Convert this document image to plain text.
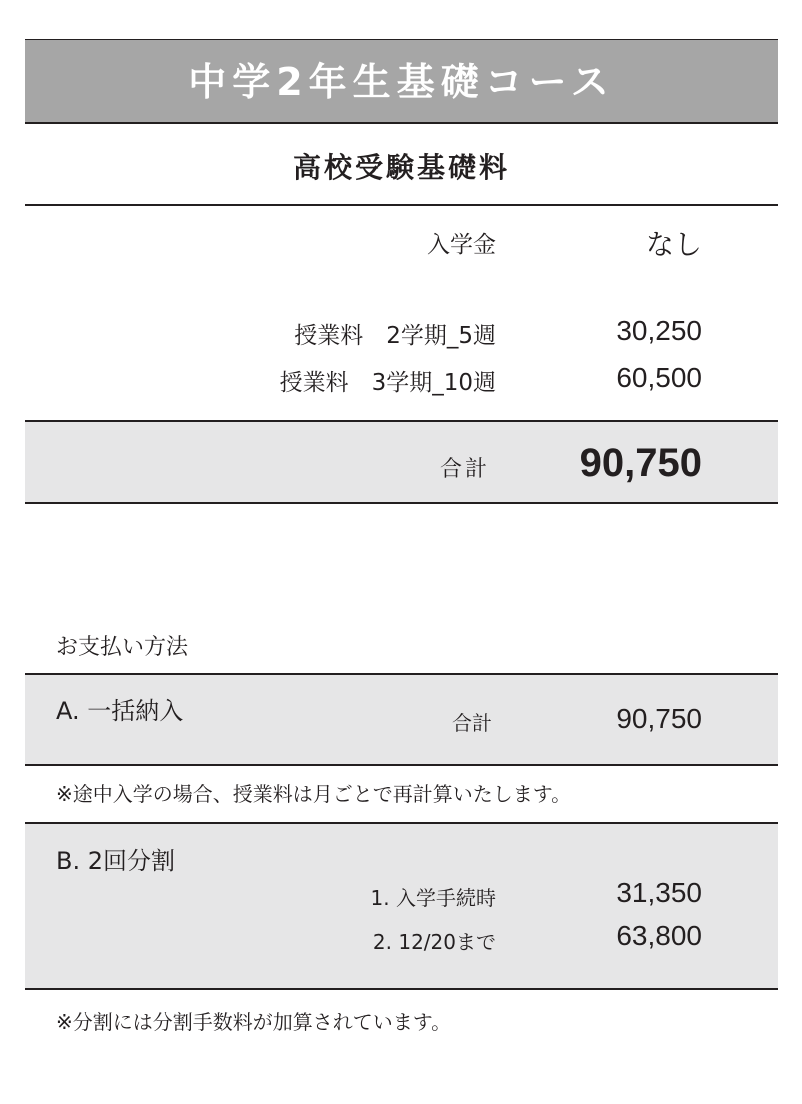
中学2年生基礎コース
高校受験基礎料
入学金	なし
授業料　2学期_5週	30,250
授業料　3学期_10週	60,500
合計	90,750
お支払い方法
A. 一括納入	合計	90,750
※途中入学の場合、授業料は月ごとで再計算いたします。
B. 2回分割
1. 入学手続時	31,350
2. 12/20まで	63,800
※分割には分割手数料が加算されています。
